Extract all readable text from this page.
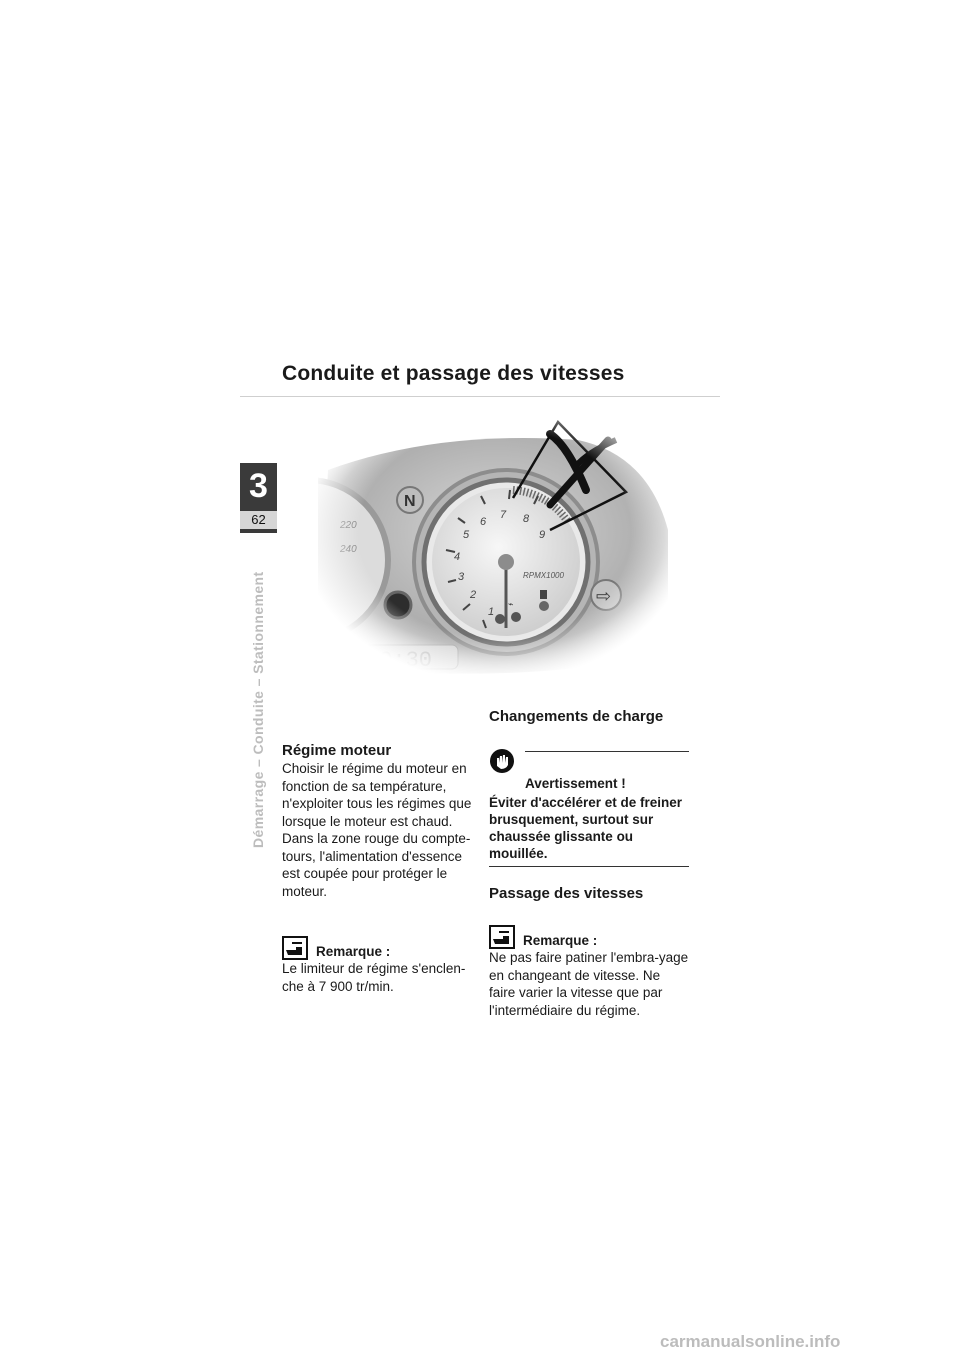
Conduite et passage des vitesses
3
62
Démarrage – Conduite – Stationnement	Régime moteur

Choisir le régime du moteur en fonction de sa température, n'exploiter tous les régimes que lorsque le moteur est chaud. Dans la zone rouge du compte-tours, l'alimentation d'essence est coupée pour protéger le moteur.

Remarque :

Le limiteur de régime s'enclen-che à 7 900 tr/min.

Changements de charge
Avertissement !

Éviter d'accélérer et de freiner brusquement, surtout sur chaussée glissante ou mouillée.

Passage des vitesses
Remarque :

Ne pas faire patiner l'embra-yage en changeant de vitesse. Ne faire varier la vitesse que par l'intermédiaire du régime.

carmanualsonline.info
